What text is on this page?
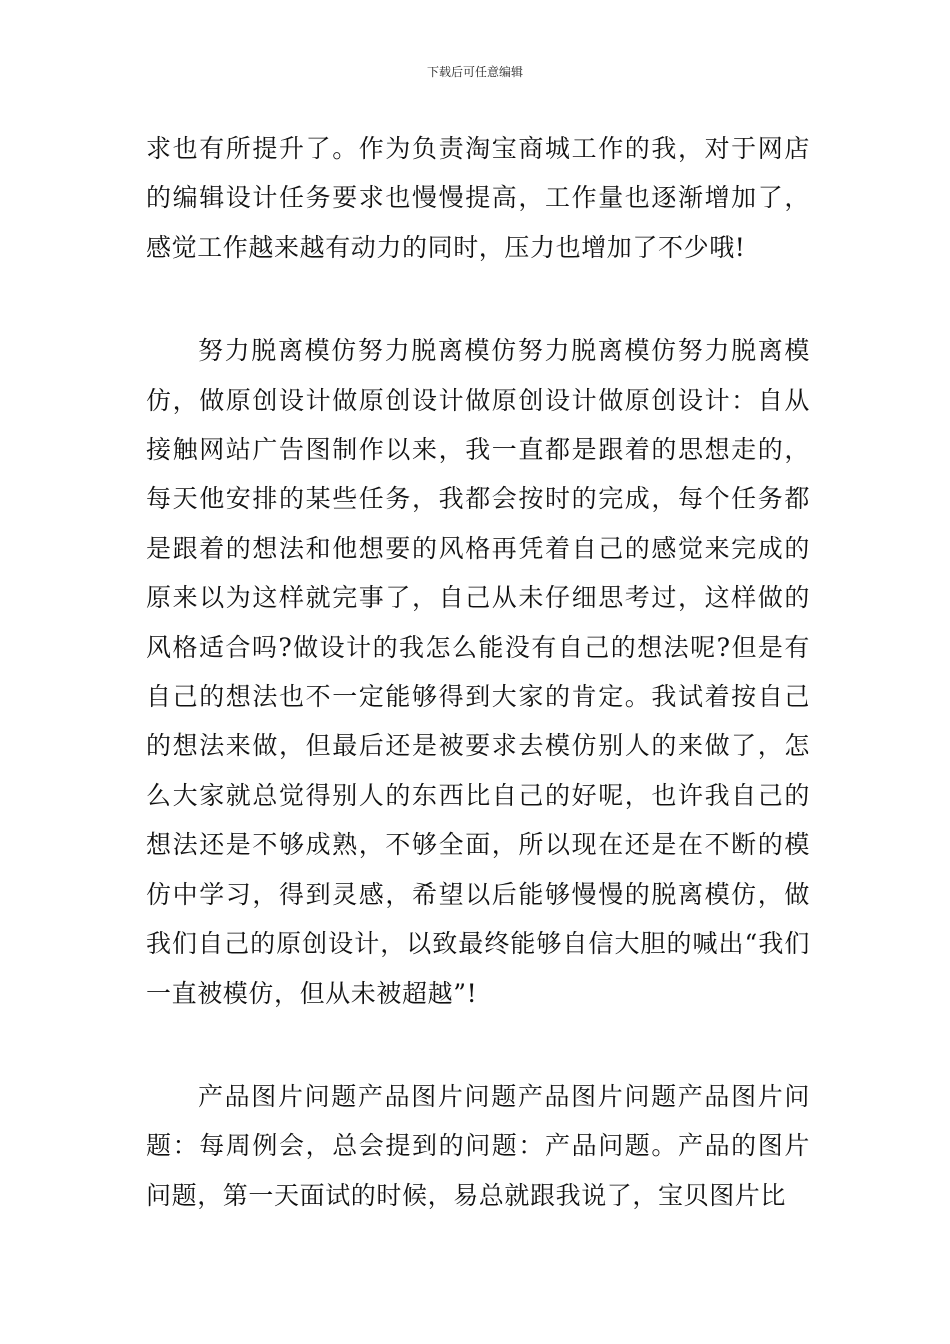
下载后可任意编辑

求也有所提升了。作为负责淘宝商城工作的我，对于网店的编辑设计任务要求也慢慢提高，工作量也逐渐增加了，感觉工作越来越有动力的同时，压力也增加了不少哦!

努力脱离模仿努力脱离模仿努力脱离模仿努力脱离模仿，做原创设计做原创设计做原创设计做原创设计：自从接触网站广告图制作以来，我一直都是跟着的思想走的，每天他安排的某些任务，我都会按时的完成，每个任务都是跟着的想法和他想要的风格再凭着自己的感觉来完成的原来以为这样就完事了，自己从未仔细思考过，这样做的风格适合吗?做设计的我怎么能没有自己的想法呢?但是有自己的想法也不一定能够得到大家的肯定。我试着按自己的想法来做，但最后还是被要求去模仿别人的来做了，怎么大家就总觉得别人的东西比自己的好呢，也许我自己的想法还是不够成熟，不够全面，所以现在还是在不断的模仿中学习，得到灵感，希望以后能够慢慢的脱离模仿，做我们自己的原创设计，以致最终能够自信大胆的喊出“我们一直被模仿，但从未被超越”!

产品图片问题产品图片问题产品图片问题产品图片问题：每周例会，总会提到的问题：产品问题。产品的图片问题，第一天面试的时候，易总就跟我说了，宝贝图片比
